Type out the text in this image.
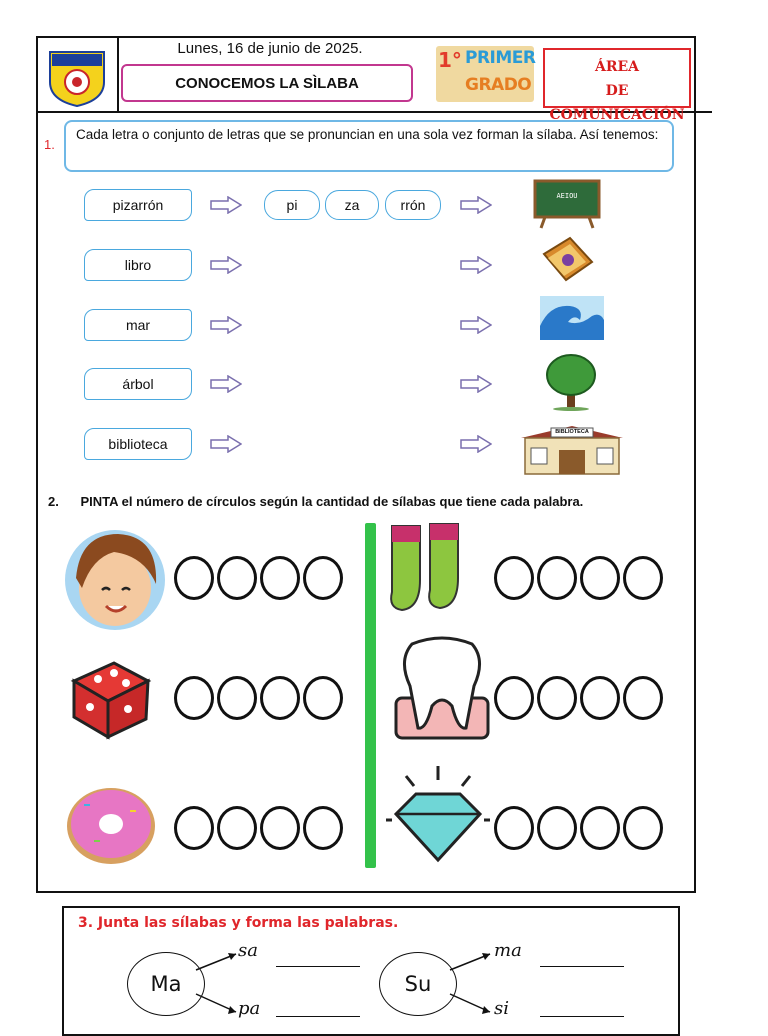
Lunes, 16 de junio de 2025.
CONOCEMOS LA SÌLABA
1° PRIMER
GRADO
ÁREA
DE COMUNICACIÓN
1.
Cada letra o conjunto de letras que se pronuncian en una sola vez forman la sílaba. Así tenemos:
pizarrón
libro
mar
árbol
biblioteca
pi	za	rrón
AEIOU
BIBLIOTECA
2. PINTA el número de círculos según la cantidad de sílabas que tiene cada palabra.
3. Junta las sílabas y forma las palabras.
Ma
sa
pa
Su
ma
si
